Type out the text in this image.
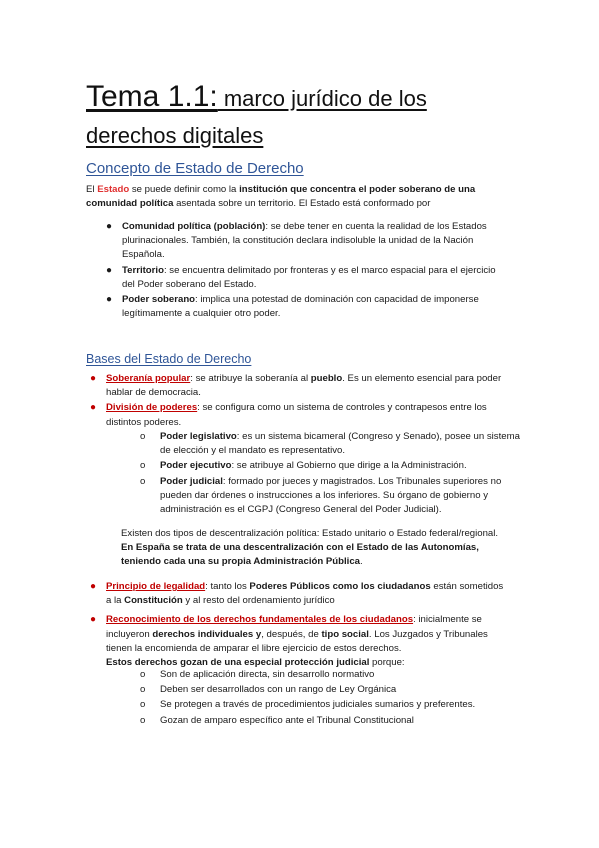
Tema 1.1: marco jurídico de los
derechos digitales
Concepto de Estado de Derecho
El Estado se puede definir como la institución que concentra el poder soberano de una comunidad política asentada sobre un territorio. El Estado está conformado por
● Comunidad política (población): se debe tener en cuenta la realidad de los Estados plurinacionales. También, la constitución declara indisoluble la unidad de la Nación Española.
● Territorio: se encuentra delimitado por fronteras y es el marco espacial para el ejercicio del Poder soberano del Estado.
● Poder soberano: implica una potestad de dominación con capacidad de imponerse legítimamente a cualquier otro poder.
Bases del Estado de Derecho
● Soberanía popular: se atribuye la soberanía al pueblo. Es un elemento esencial para poder hablar de democracia.
● División de poderes: se configura como un sistema de controles y contrapesos entre los distintos poderes.
o Poder legislativo: es un sistema bicameral (Congreso y Senado), posee un sistema de elección y el mandato es representativo.
o Poder ejecutivo: se atribuye al Gobierno que dirige a la Administración.
o Poder judicial: formado por jueces y magistrados. Los Tribunales superiores no pueden dar órdenes o instrucciones a los inferiores. Su órgano de gobierno y administración es el CGPJ (Congreso General del Poder Judicial).
Existen dos tipos de descentralización política: Estado unitario o Estado federal/regional. En España se trata de una descentralización con el Estado de las Autonomías, teniendo cada una su propia Administración Pública.
● Principio de legalidad: tanto los Poderes Públicos como los ciudadanos están sometidos a la Constitución y al resto del ordenamiento jurídico
● Reconocimiento de los derechos fundamentales de los ciudadanos: inicialmente se incluyeron derechos individuales y, después, de tipo social. Los Juzgados y Tribunales tienen la encomienda de amparar el libre ejercicio de estos derechos.
Estos derechos gozan de una especial protección judicial porque:
o Son de aplicación directa, sin desarrollo normativo
o Deben ser desarrollados con un rango de Ley Orgánica
o Se protegen a través de procedimientos judiciales sumarios y preferentes.
o Gozan de amparo específico ante el Tribunal Constitucional
